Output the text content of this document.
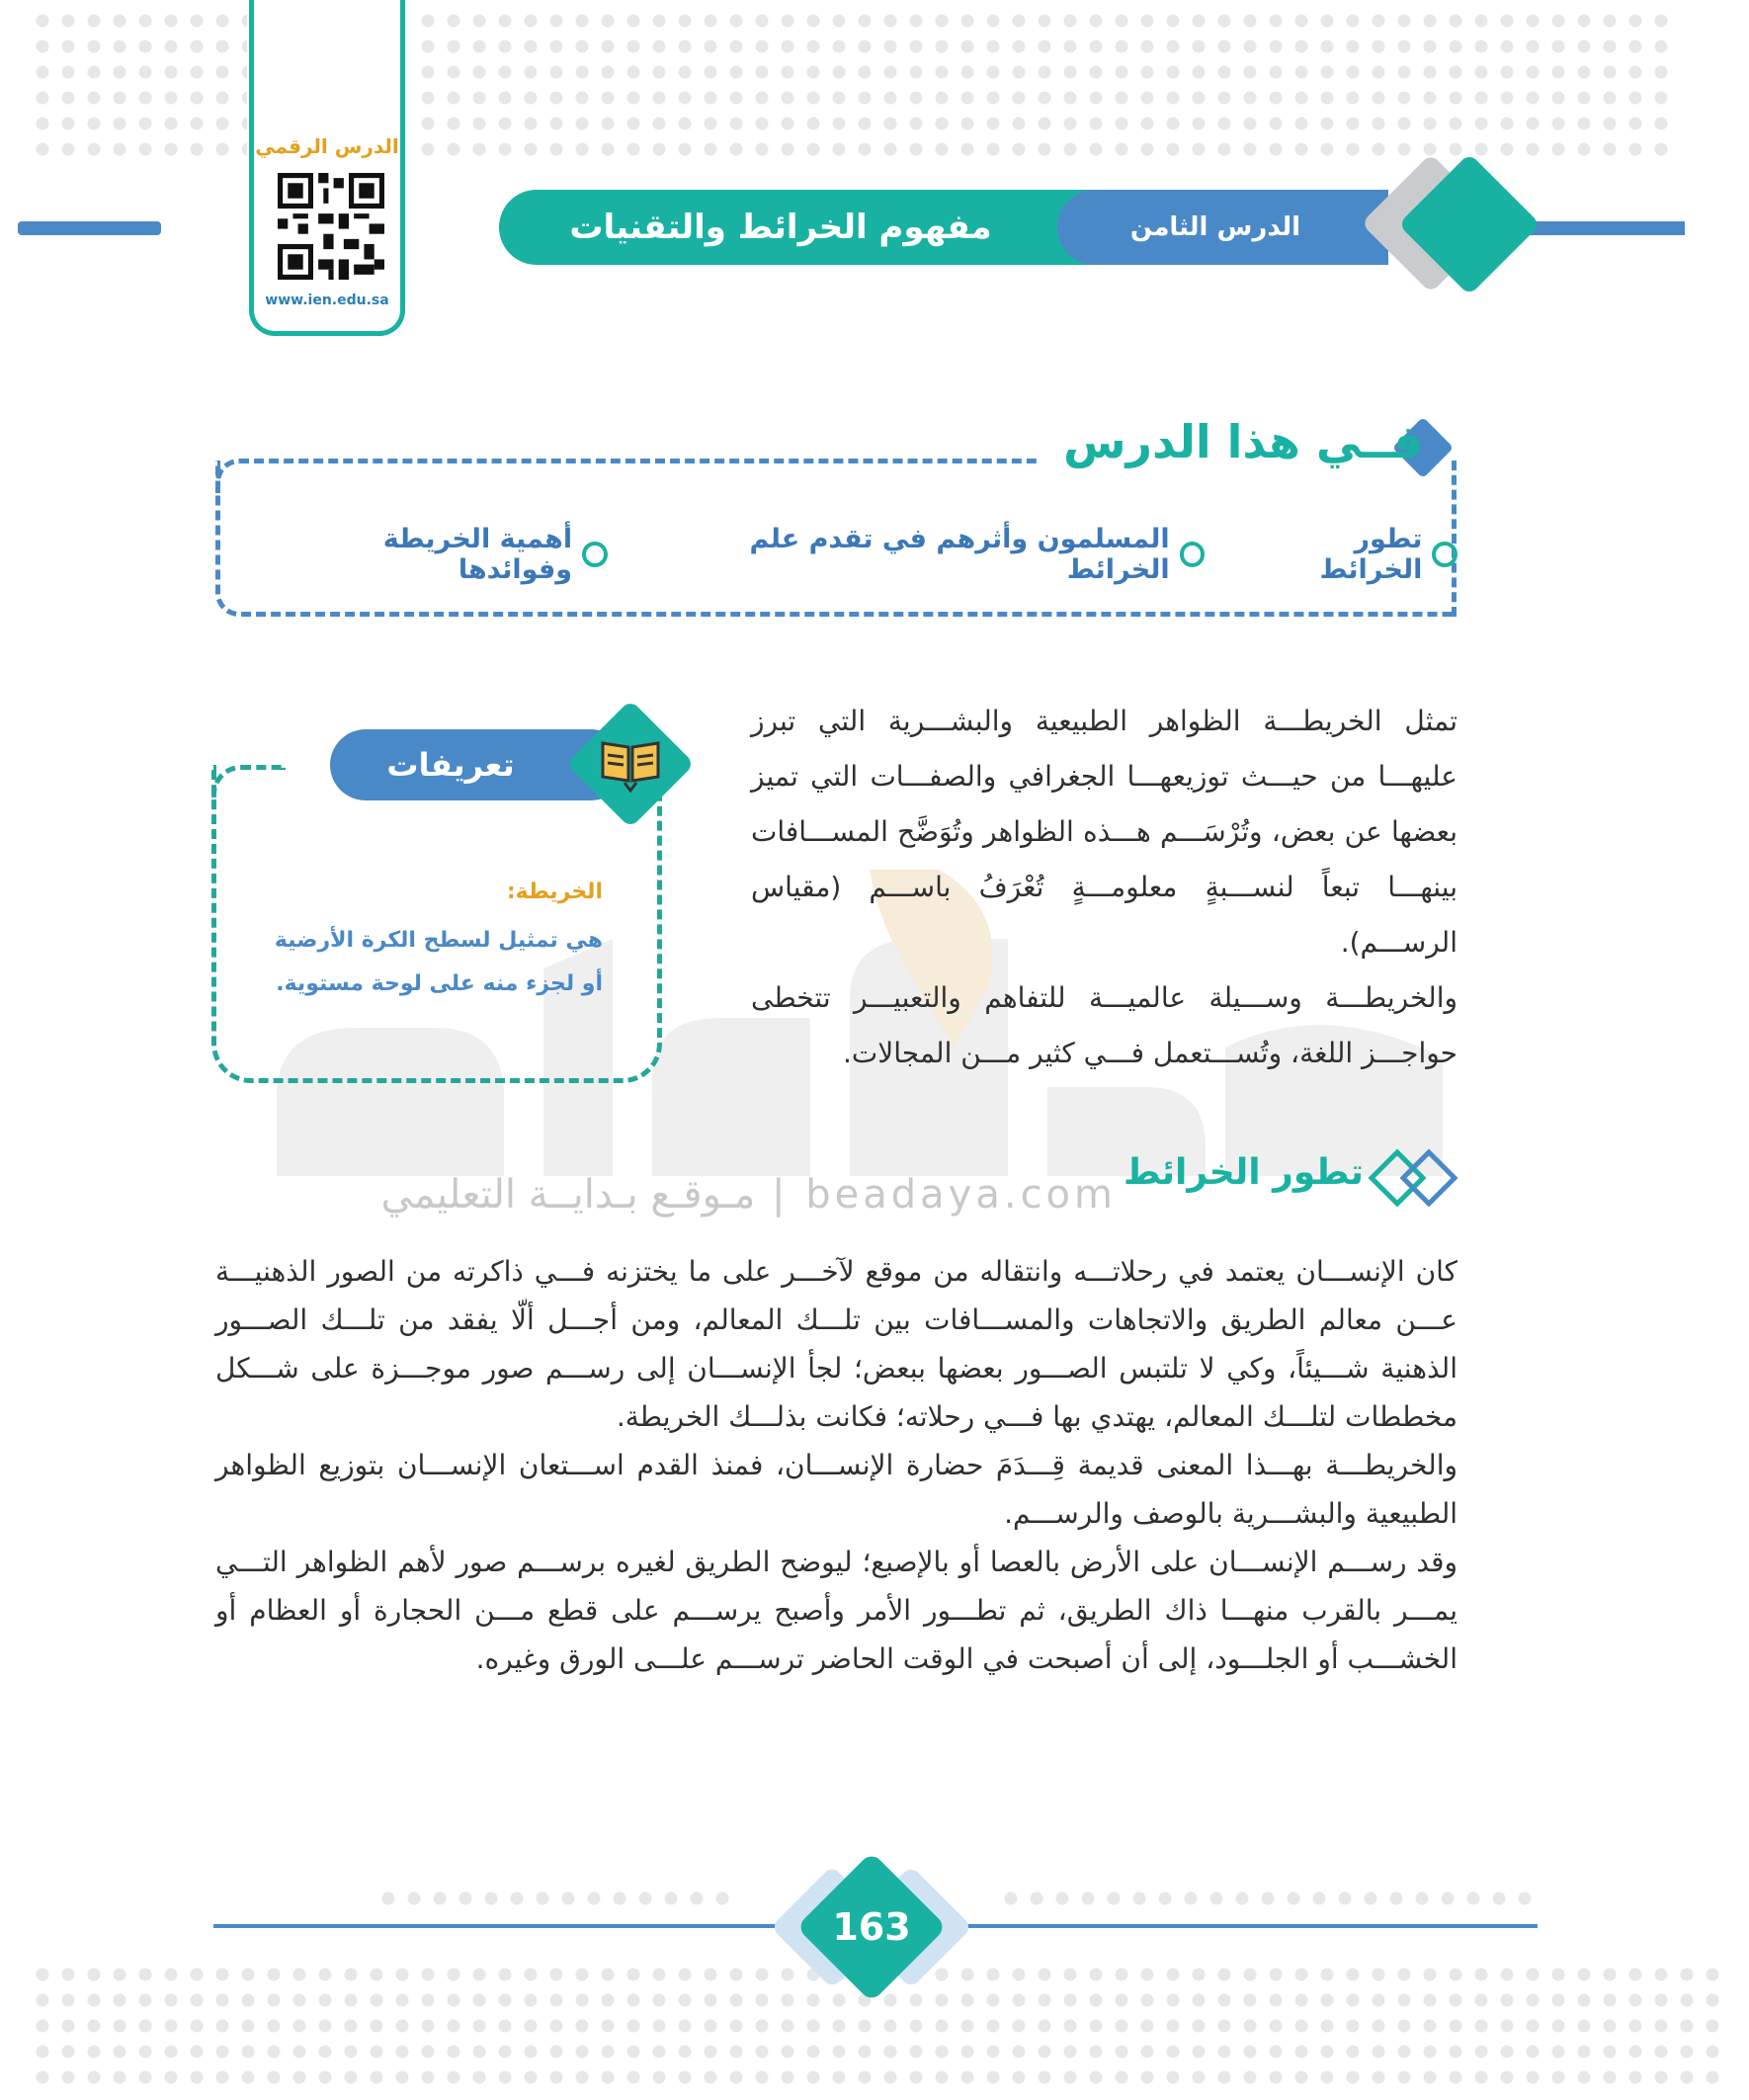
الدرس الرقمي
www.ien.edu.sa
مفهوم الخرائط والتقنيات الحديثة
الدرس الثامن والعشرون
فــي هذا الدرس
تطور الخرائط
المسلمون وأثرهم في تقدم علم الخرائط
أهمية الخريطة وفوائدها
beadaya.com | مـوقـع بـدايــة التعليمي
تعريفات
الخريطة:
هي تمثيل لسطح الكرة الأرضية
أو لجزء منه على لوحة مستوية.

تمثل الخريطـــة الظواهر الطبيعية والبشـــرية التي تبرز عليهـــا من حيـــث توزيعهـــا الجغرافي والصفـــات التي تميز بعضها عن بعض، وتُرْسَـــم هـــذه الظواهر وتُوَضَّح المســـافات بينهـــا تبعاً لنســـبةٍ معلومـــةٍ تُعْرَفُ باســـم (مقياس الرســـم).

والخريطـــة وســـيلة عالميـــة للتفاهم والتعبيـــر تتخطى حواجـــز اللغة، وتُســـتعمل فـــي كثير مـــن المجالات.

تطور الخرائط

كان الإنســـان يعتمد في رحلاتـــه وانتقاله من موقع لآخـــر على ما يختزنه فـــي ذاكرته من الصور الذهنيـــة عـــن معالم الطريق والاتجاهات والمســـافات بين تلـــك المعالم، ومن أجـــل ألّا يفقد من تلـــك الصـــور الذهنية شـــيئاً، وكي لا تلتبس الصـــور بعضها ببعض؛ لجأ الإنســـان إلى رســـم صور موجـــزة على شـــكل مخططات لتلـــك المعالم، يهتدي بها فـــي رحلاته؛ فكانت بذلـــك الخريطة.

والخريطـــة بهـــذا المعنى قديمة قِـــدَمَ حضارة الإنســـان، فمنذ القدم اســـتعان الإنســـان بتوزيع الظواهر الطبيعية والبشـــرية بالوصف والرســـم.

وقد رســـم الإنســـان على الأرض بالعصا أو بالإصبع؛ ليوضح الطريق لغيره برســـم صور لأهم الظواهر التـــي يمـــر بالقرب منهـــا ذاك الطريق، ثم تطـــور الأمر وأصبح يرســـم على قطع مـــن الحجارة أو العظام أو الخشـــب أو الجلـــود، إلى أن أصبحت في الوقت الحاضر ترســـم علـــى الورق وغيره.

163
